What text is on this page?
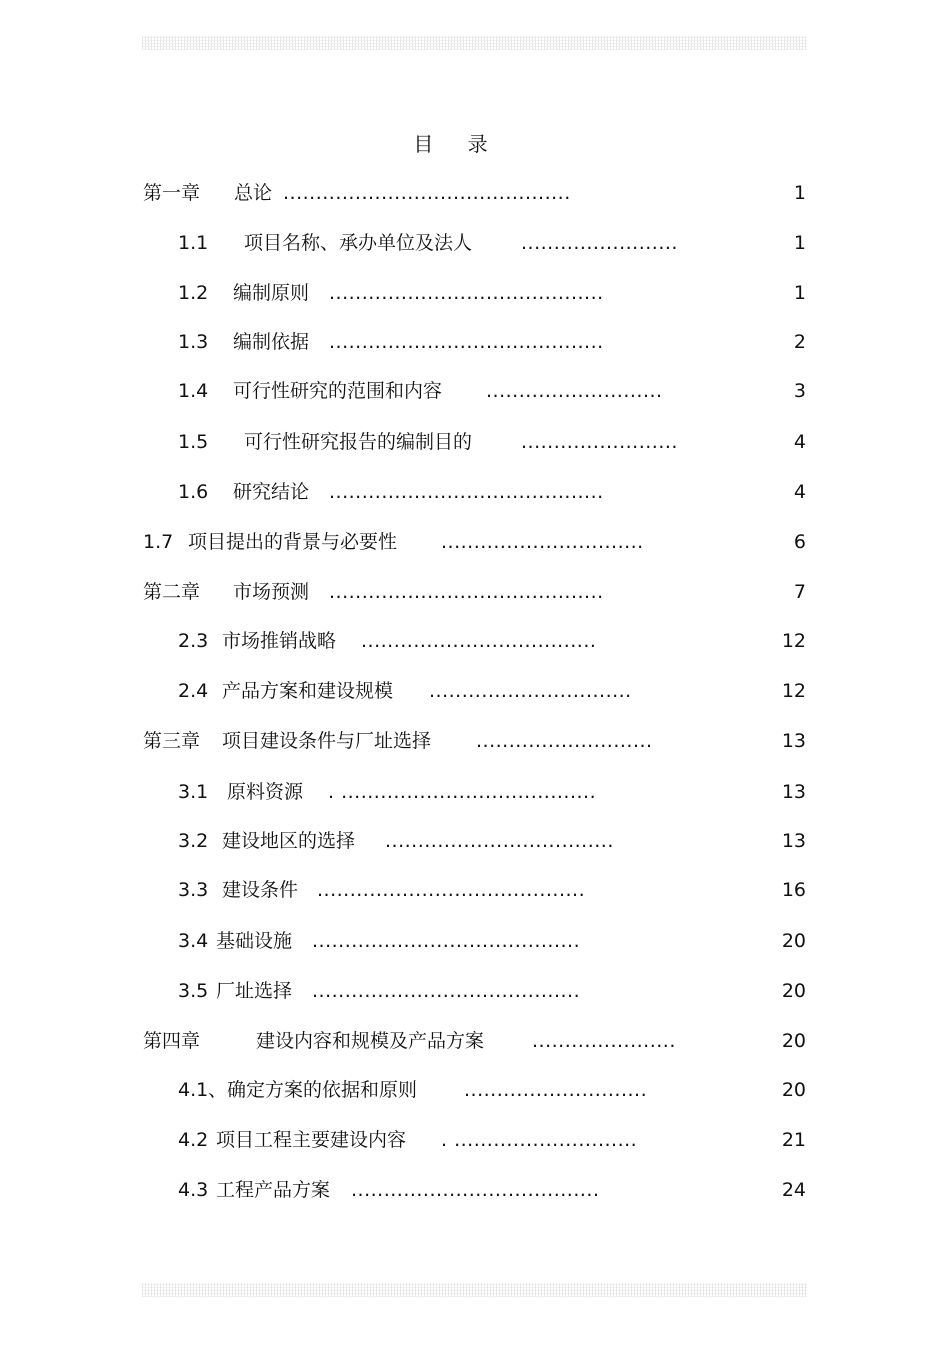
目 录
第一章 总论 ............................................	1
1.1 项目名称、承办单位及法人	........................	1
1.2 编制原则 ..........................................	1
1.3 编制依据 ..........................................	2
1.4 可行性研究的范围和内容 ...........................	3
1.5 可行性研究报告的编制目的	........................	4
1.6 研究结论 ..........................................	4
1.7 项目提出的背景与必要性 ...............................	6
第二章 市场预测 ..........................................	7
2.3 市场推销战略 ....................................	12
2.4 产品方案和建设规模 ...............................	12
第三章 项目建设条件与厂址选择 ...........................	13
3.1 原料资源 . .......................................	13
3.2 建设地区的选择 ...................................	13
3.3 建设条件 .........................................	16
3.4 基础设施 .........................................	20
3.5 厂址选择 .........................................	20
第四章	建设内容和规模及产品方案	......................	20
4.1 、确定方案的依据和原则 ............................	20
4.2 项目工程主要建设内容 . ............................	21
4.3 工程产品方案 ......................................	24
